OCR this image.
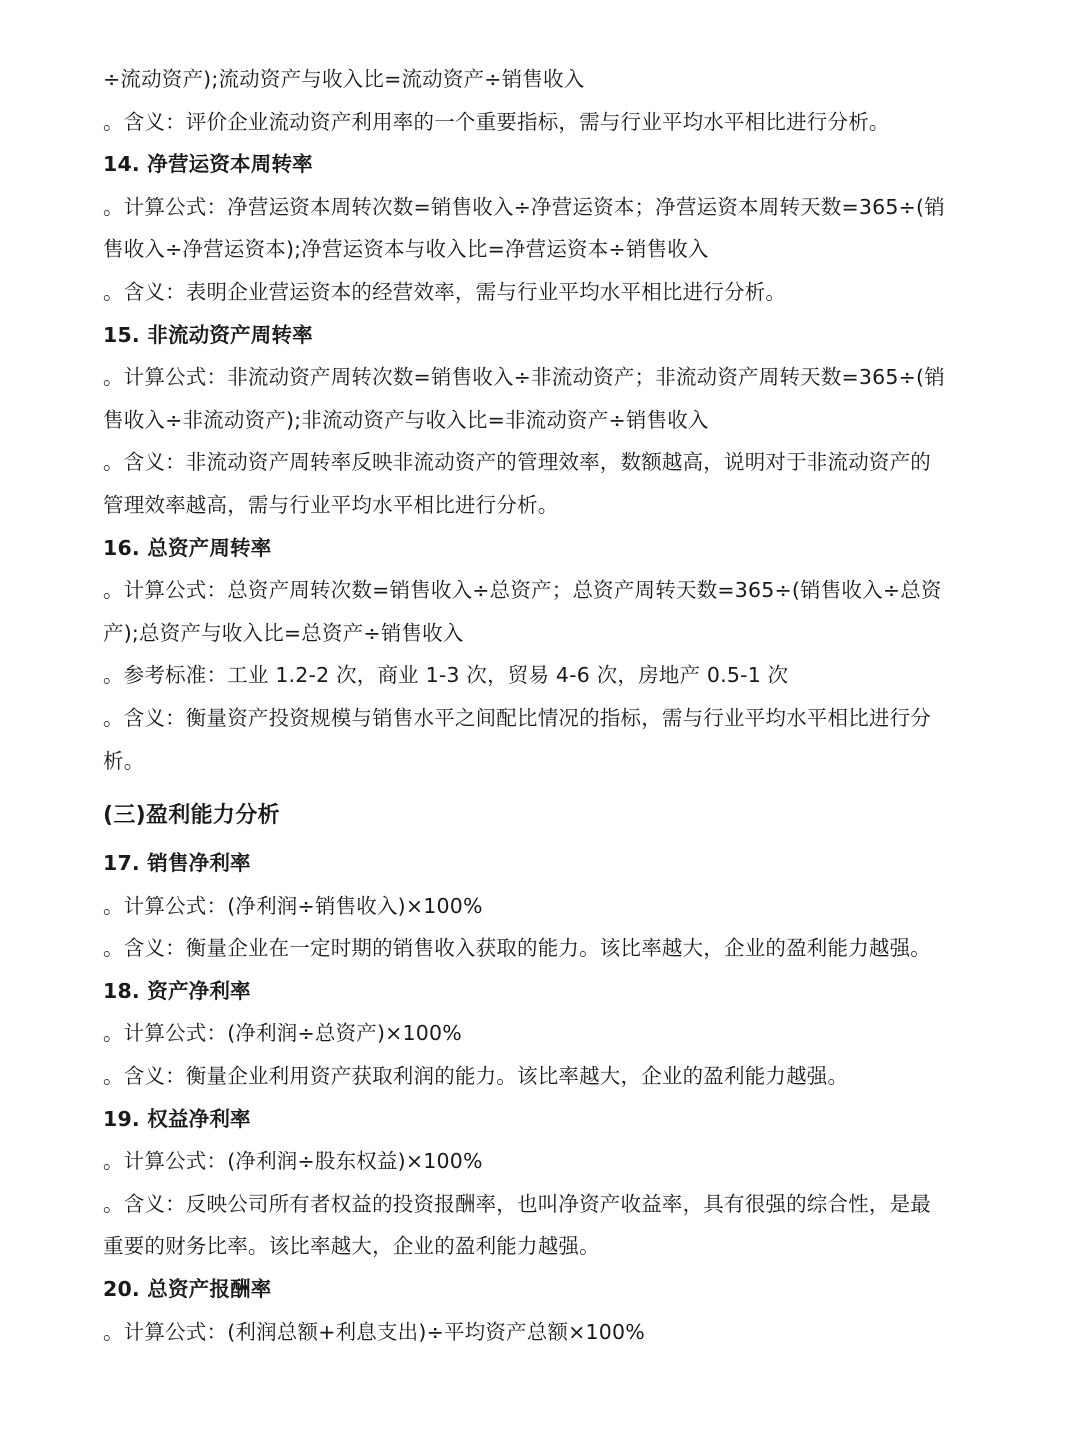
÷流动资产);流动资产与收入比=流动资产÷销售收入
。含义：评价企业流动资产利用率的一个重要指标，需与行业平均水平相比进行分析。
14. 净营运资本周转率
。计算公式：净营运资本周转次数=销售收入÷净营运资本；净营运资本周转天数=365÷(销
售收入÷净营运资本);净营运资本与收入比=净营运资本÷销售收入
。含义：表明企业营运资本的经营效率，需与行业平均水平相比进行分析。
15. 非流动资产周转率
。计算公式：非流动资产周转次数=销售收入÷非流动资产；非流动资产周转天数=365÷(销
售收入÷非流动资产);非流动资产与收入比=非流动资产÷销售收入
。含义：非流动资产周转率反映非流动资产的管理效率，数额越高，说明对于非流动资产的
管理效率越高，需与行业平均水平相比进行分析。
16. 总资产周转率
。计算公式：总资产周转次数=销售收入÷总资产；总资产周转天数=365÷(销售收入÷总资
产);总资产与收入比=总资产÷销售收入
。参考标准：工业 1.2-2 次，商业 1-3 次，贸易 4-6 次，房地产 0.5-1 次
。含义：衡量资产投资规模与销售水平之间配比情况的指标，需与行业平均水平相比进行分
析。
(三)盈利能力分析
17. 销售净利率
。计算公式：(净利润÷销售收入)×100%
。含义：衡量企业在一定时期的销售收入获取的能力。该比率越大，企业的盈利能力越强。
18. 资产净利率
。计算公式：(净利润÷总资产)×100%
。含义：衡量企业利用资产获取利润的能力。该比率越大，企业的盈利能力越强。
19. 权益净利率
。计算公式：(净利润÷股东权益)×100%
。含义：反映公司所有者权益的投资报酬率，也叫净资产收益率，具有很强的综合性，是最
重要的财务比率。该比率越大，企业的盈利能力越强。
20. 总资产报酬率
。计算公式：(利润总额+利息支出)÷平均资产总额×100%
